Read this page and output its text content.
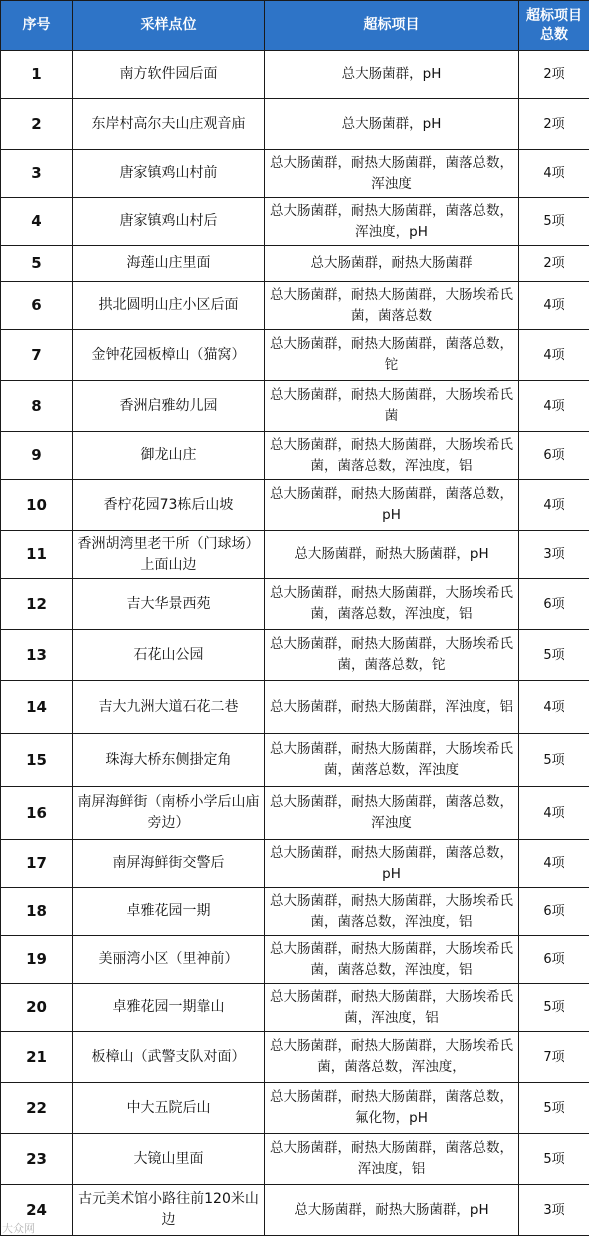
序号	采样点位	超标项目	超标项目总数
1	南方软件园后面	总大肠菌群，pH	2项
2	东岸村高尔夫山庄观音庙	总大肠菌群，pH	2项
3	唐家镇鸡山村前	总大肠菌群，耐热大肠菌群，菌落总数，浑浊度	4项
4	唐家镇鸡山村后	总大肠菌群，耐热大肠菌群，菌落总数，浑浊度，pH	5项
5	海莲山庄里面	总大肠菌群，耐热大肠菌群	2项
6	拱北圆明山庄小区后面	总大肠菌群，耐热大肠菌群，大肠埃希氏菌，菌落总数	4项
7	金钟花园板樟山（猫窝）	总大肠菌群，耐热大肠菌群，菌落总数，铊	4项
8	香洲启雅幼儿园	总大肠菌群，耐热大肠菌群，大肠埃希氏菌	4项
9	御龙山庄	总大肠菌群，耐热大肠菌群，大肠埃希氏菌，菌落总数，浑浊度，铝	6项
10	香柠花园73栋后山坡	总大肠菌群，耐热大肠菌群，菌落总数，pH	4项
11	香洲胡湾里老干所（门球场）上面山边	总大肠菌群，耐热大肠菌群，pH	3项
12	吉大华景西苑	总大肠菌群，耐热大肠菌群，大肠埃希氏菌，菌落总数，浑浊度，铝	6项
13	石花山公园	总大肠菌群，耐热大肠菌群，大肠埃希氏菌，菌落总数，铊	5项
14	吉大九洲大道石花二巷	总大肠菌群，耐热大肠菌群，浑浊度，铝	4项
15	珠海大桥东侧掛定角	总大肠菌群，耐热大肠菌群，大肠埃希氏菌，菌落总数，浑浊度	5项
16	南屏海鲜街（南桥小学后山庙旁边）	总大肠菌群，耐热大肠菌群，菌落总数，浑浊度	4项
17	南屏海鲜街交警后	总大肠菌群，耐热大肠菌群，菌落总数，pH	4项
18	卓雅花园一期	总大肠菌群，耐热大肠菌群，大肠埃希氏菌，菌落总数，浑浊度，铝	6项
19	美丽湾小区（里神前）	总大肠菌群，耐热大肠菌群，大肠埃希氏菌，菌落总数，浑浊度，铝	6项
20	卓雅花园一期靠山	总大肠菌群，耐热大肠菌群，大肠埃希氏菌，浑浊度，铝	5项
21	板樟山（武警支队对面）	总大肠菌群，耐热大肠菌群，大肠埃希氏菌，菌落总数，浑浊度，	7项
22	中大五院后山	总大肠菌群，耐热大肠菌群，菌落总数，氟化物，pH	5项
23	大镜山里面	总大肠菌群，耐热大肠菌群，菌落总数，浑浊度，铝	5项
24	古元美术馆小路往前120米山边	总大肠菌群，耐热大肠菌群，pH	3项
大众网
